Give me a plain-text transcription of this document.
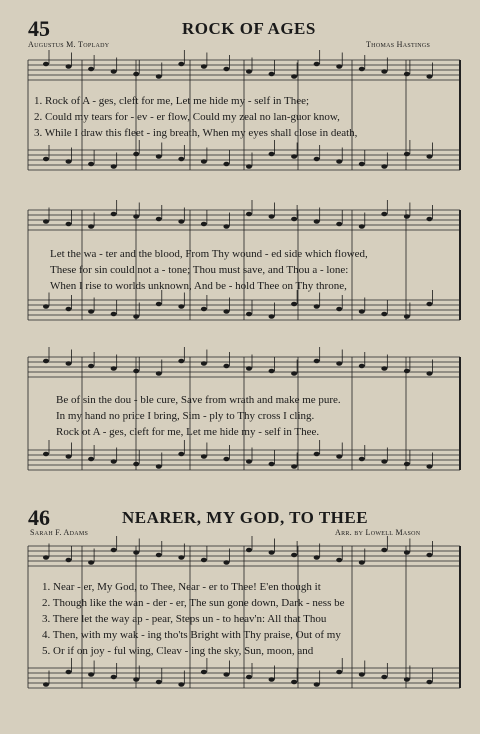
45	ROCK OF AGES
Augustus M. Toplady	Thomas Hastings
1. Rock of A - ges, cleft for me, Let me hide my - self in Thee;
2. Could my tears for - ev - er flow, Could my zeal no lan-guor know,
3. While I draw this fleet - ing breath, When my eyes shall close in death,
Let the wa - ter and the blood, From Thy wound - ed side which flowed,
These for sin could not a - tone; Thou must save, and Thou a - lone:
When I rise to worlds unknown, And be - hold Thee on Thy throne,
Be of sin the dou - ble cure, Save from wrath and make me pure.
In my hand no price I bring, Sim - ply to Thy cross I cling.
Rock ot A - ges, cleft for me, Let me hide my - self in Thee.
46	NEARER, MY GOD, TO THEE
Sarah F. Adams	Arr. by Lowell Mason
1. Near - er, My God, to Thee, Near - er to Thee! E'en though it
2. Though like the wan - der - er, The sun gone down, Dark - ness be
3. There let the way ap - pear, Steps un - to heav'n: All that Thou
4. Then, with my wak - ing tho'ts Bright with Thy praise, Out of my
5. Or if on joy - ful wing, Cleav - ing the sky, Sun, moon, and
